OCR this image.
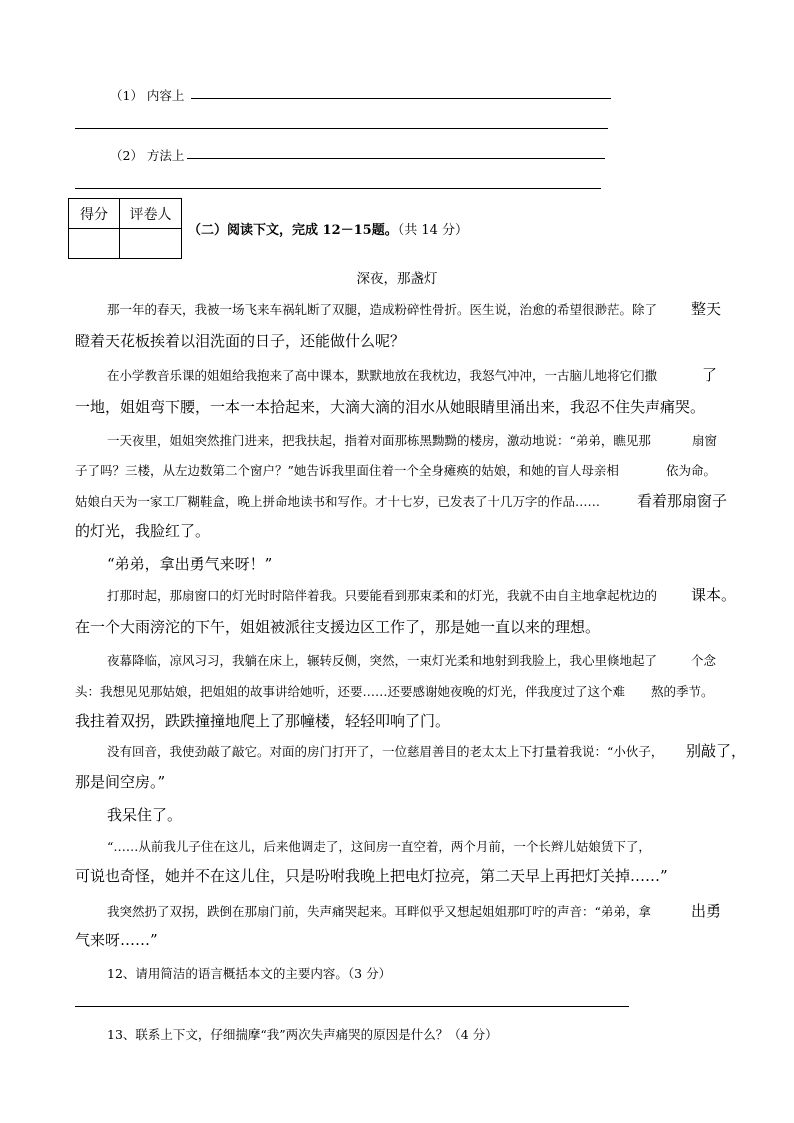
（1） 内容上
（2） 方法上
得分	评卷人

（二）阅读下文，完成 12－15题。（共 14 分）
深夜，那盏灯
那一年的春天，我被一场飞来车祸轧断了双腿，造成粉碎性骨折。医生说，治愈的希望很渺茫。除了 整天
瞪着天花板挨着以泪洗面的日子，还能做什么呢？
在小学教音乐课的姐姐给我抱来了高中课本，默默地放在我枕边，我怒气冲冲，一古脑儿地将它们撒	了
一地，姐姐弯下腰，一本一本拾起来，大滴大滴的泪水从她眼睛里涌出来，我忍不住失声痛哭。
一天夜里，姐姐突然推门进来，把我扶起，指着对面那栋黑黝黝的楼房，激动地说：“弟弟，瞧见那	扇窗
子了吗？三楼，从左边数第二个窗户？”她告诉我里面住着一个全身瘫痪的姑娘，和她的盲人母亲相	依为命。
姑娘白天为一家工厂糊鞋盒，晚上拼命地读书和写作。才十七岁，已发表了十几万字的作品…… 看着那扇窗子
的灯光，我脸红了。
“弟弟，拿出勇气来呀！”
打那时起，那扇窗口的灯光时时陪伴着我。只要能看到那束柔和的灯光，我就不由自主地拿起枕边的 课本。
在一个大雨滂沱的下午，姐姐被派往支援边区工作了，那是她一直以来的理想。
夜幕降临，凉风习习，我躺在床上，辗转反侧，突然，一束灯光柔和地射到我脸上，我心里倏地起了	个念
头：我想见见那姑娘，把姐姐的故事讲给她听，还要……还要感谢她夜晚的灯光，伴我度过了这个难 熬的季节。
我拄着双拐，跌跌撞撞地爬上了那幢楼，轻轻叩响了门。
没有回音，我使劲敲了敲它。对面的房门打开了，一位慈眉善目的老太太上下打量着我说：“小伙子， 别敲了，
那是间空房。”
我呆住了。
“……从前我儿子住在这儿，后来他调走了，这间房一直空着，两个月前，一个长辫儿姑娘赁下了，
可说也奇怪，她并不在这儿住，只是吩咐我晚上把电灯拉亮，第二天早上再把灯关掉……”
我突然扔了双拐，跌倒在那扇门前，失声痛哭起来。耳畔似乎又想起姐姐那叮咛的声音：“弟弟，拿	出勇
气来呀……”
12、请用简洁的语言概括本文的主要内容。（3 分）
13、联系上下文，仔细揣摩“我”两次失声痛哭的原因是什么？（4 分）
